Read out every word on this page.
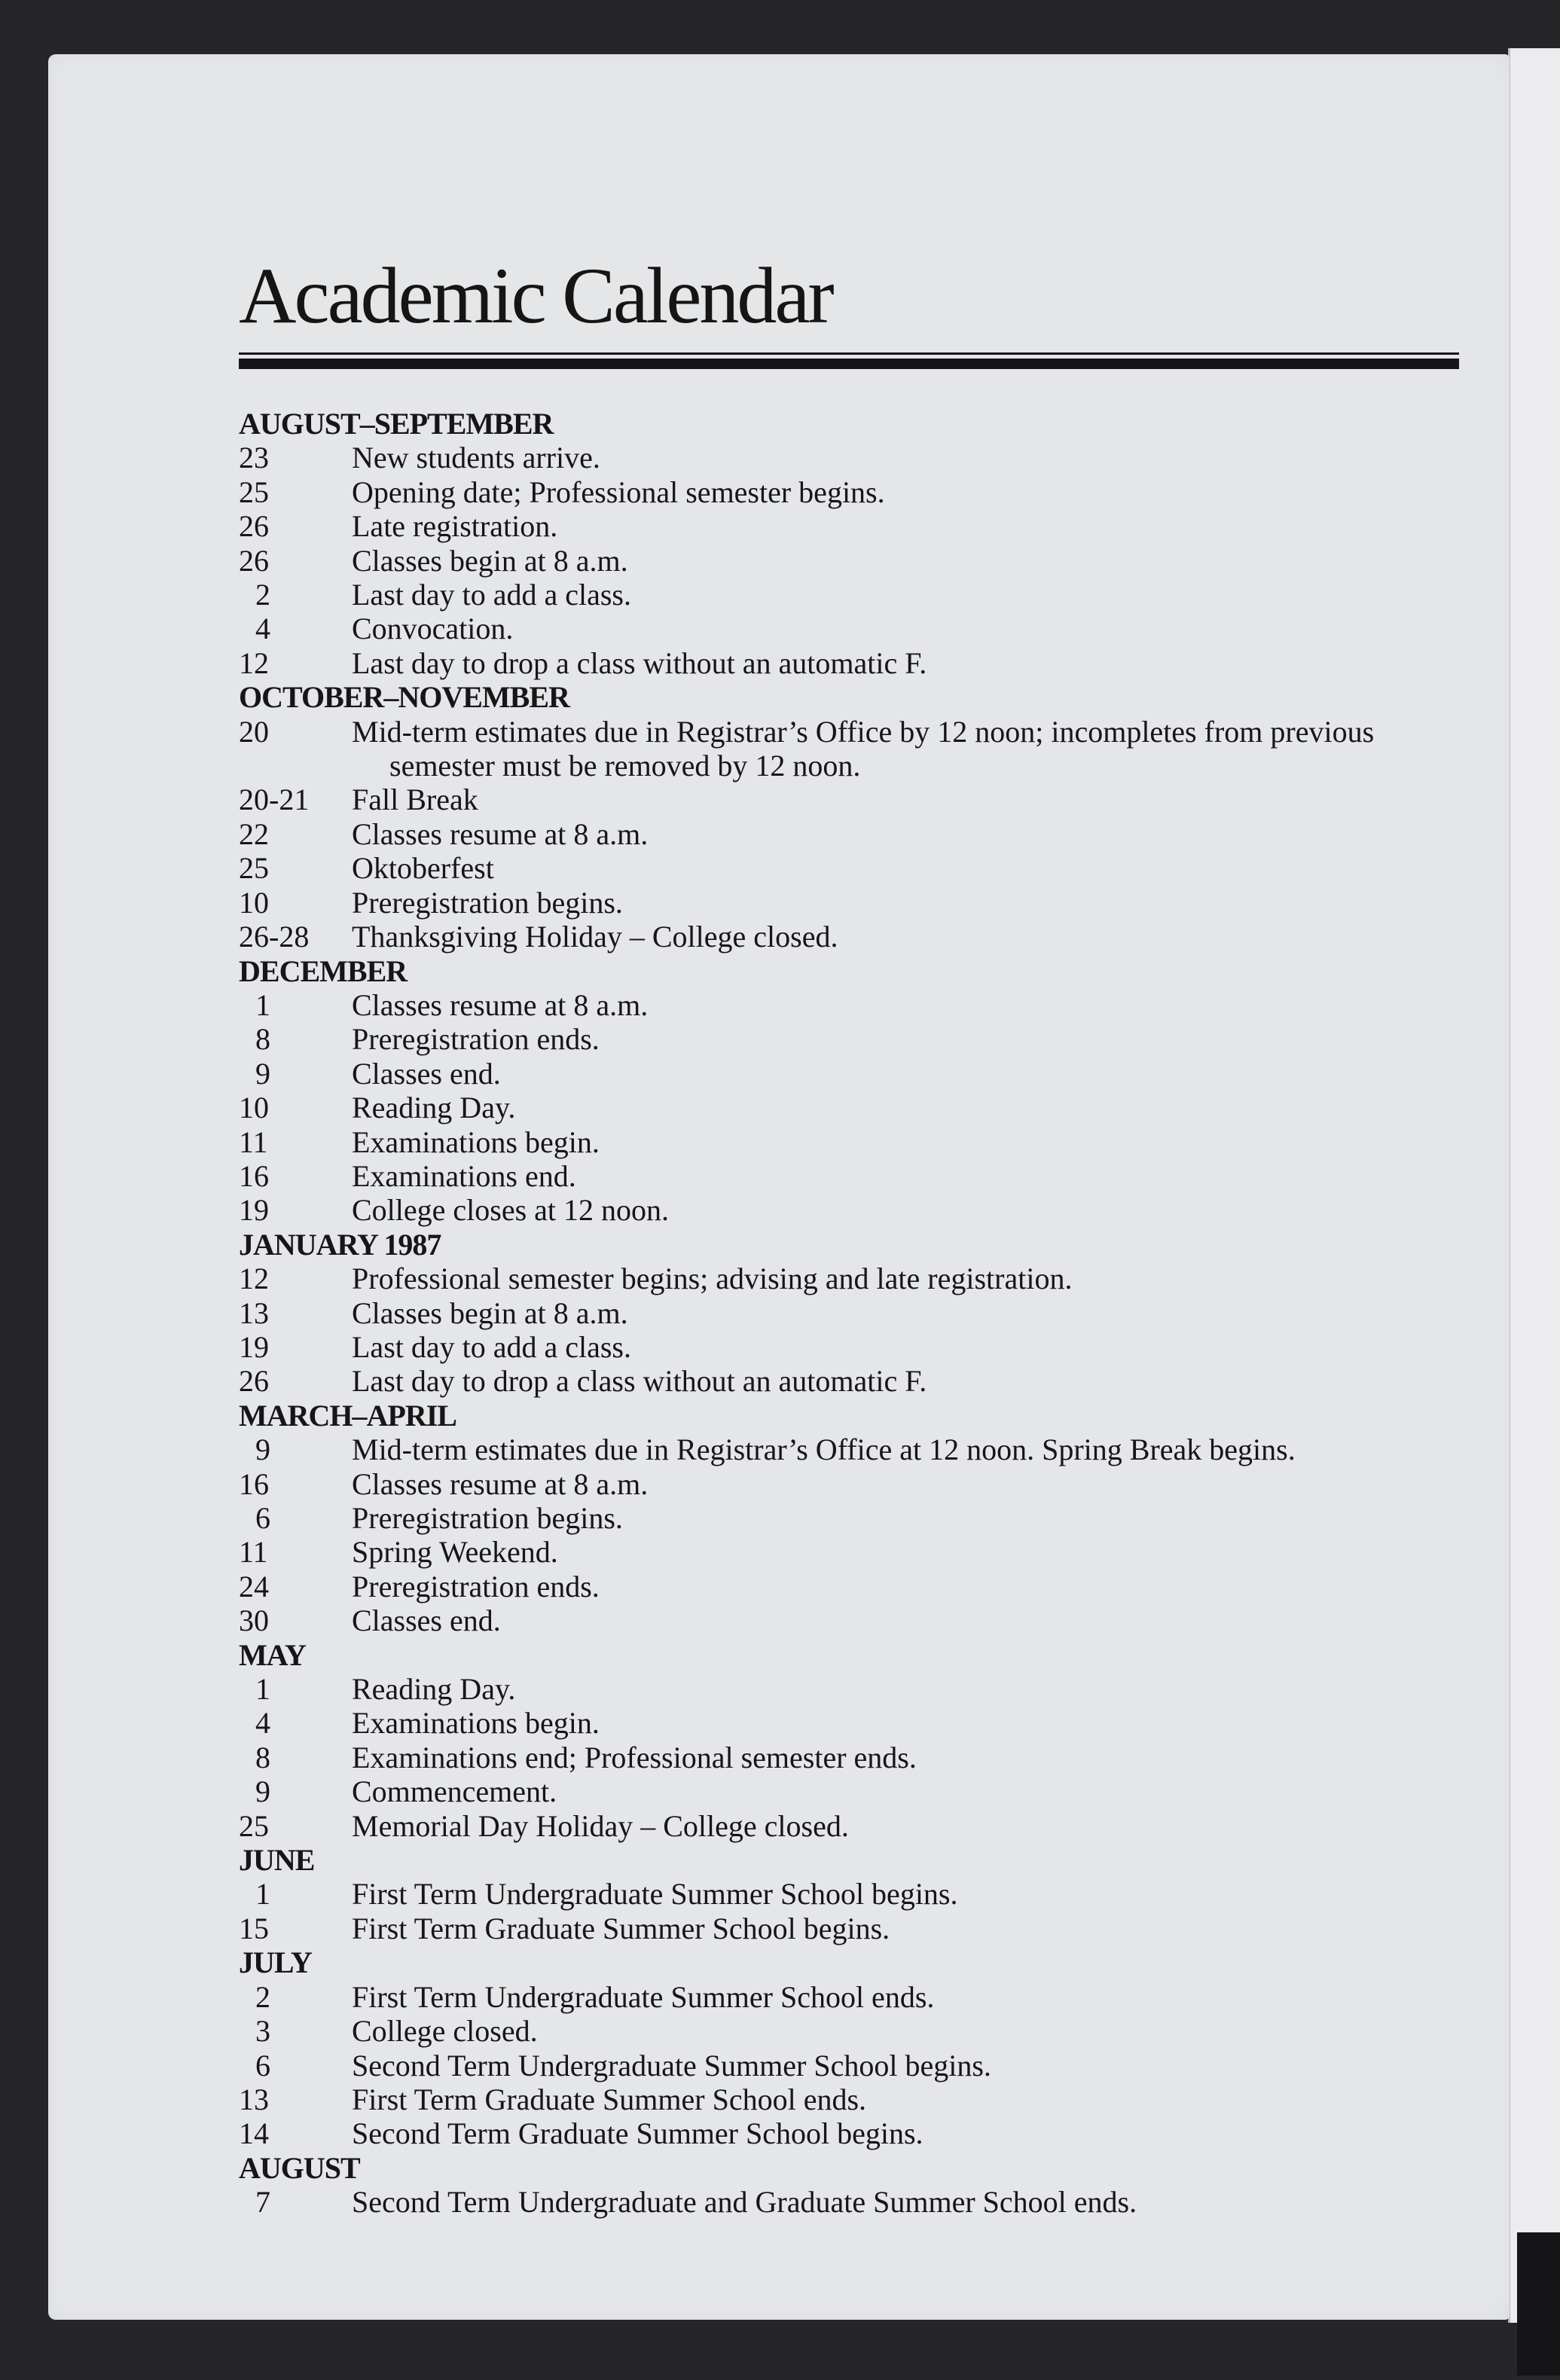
Academic Calendar
AUGUST–SEPTEMBER
23	New students arrive.
25	Opening date; Professional semester begins.
26	Late registration.
26	Classes begin at 8 a.m.
2	Last day to add a class.
4	Convocation.
12	Last day to drop a class without an automatic F.
OCTOBER–NOVEMBER
20	Mid-term estimates due in Registrar’s Office by 12 noon; incompletes from previous
semester must be removed by 12 noon.
20-21	Fall Break
22	Classes resume at 8 a.m.
25	Oktoberfest
10	Preregistration begins.
26-28	Thanksgiving Holiday – College closed.
DECEMBER
1	Classes resume at 8 a.m.
8	Preregistration ends.
9	Classes end.
10	Reading Day.
11	Examinations begin.
16	Examinations end.
19	College closes at 12 noon.
JANUARY 1987
12	Professional semester begins; advising and late registration.
13	Classes begin at 8 a.m.
19	Last day to add a class.
26	Last day to drop a class without an automatic F.
MARCH–APRIL
9	Mid-term estimates due in Registrar’s Office at 12 noon. Spring Break begins.
16	Classes resume at 8 a.m.
6	Preregistration begins.
11	Spring Weekend.
24	Preregistration ends.
30	Classes end.
MAY
1	Reading Day.
4	Examinations begin.
8	Examinations end; Professional semester ends.
9	Commencement.
25	Memorial Day Holiday – College closed.
JUNE
1	First Term Undergraduate Summer School begins.
15	First Term Graduate Summer School begins.
JULY
2	First Term Undergraduate Summer School ends.
3	College closed.
6	Second Term Undergraduate Summer School begins.
13	First Term Graduate Summer School ends.
14	Second Term Graduate Summer School begins.
AUGUST
7	Second Term Undergraduate and Graduate Summer School ends.
